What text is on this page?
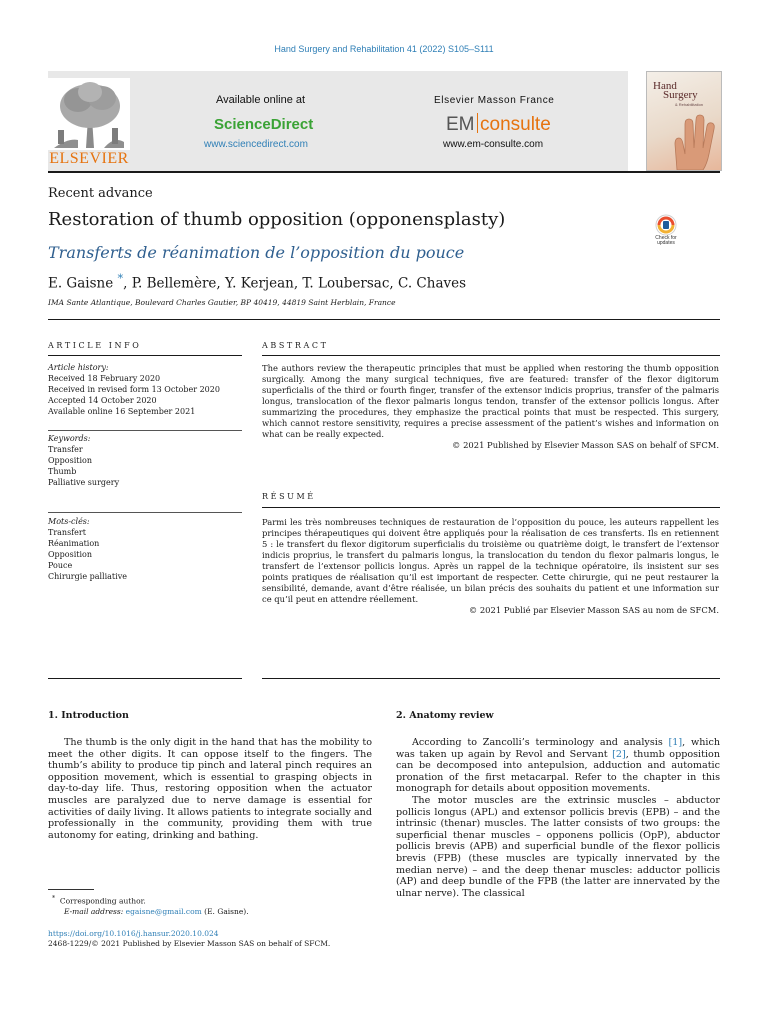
Hand Surgery and Rehabilitation 41 (2022) S105–S111
ELSEVIER
Available online at
ScienceDirect
www.sciencedirect.com
Elsevier Masson France
EM consulte
www.em-consulte.com
Hand
Surgery
& Rehabilitation
Recent advance
Restoration of thumb opposition (opponensplasty)
Transferts de réanimation de l’opposition du pouce
E. Gaisne *, P. Bellemère, Y. Kerjean, T. Loubersac, C. Chaves
IMA Sante Atlantique, Boulevard Charles Gautier, BP 40419, 44819 Saint Herblain, France
Check for updates
ARTICLE INFO	ABSTRACT
Article history:
Received 18 February 2020
Received in revised form 13 October 2020
Accepted 14 October 2020
Available online 16 September 2021
Keywords:
Transfer
Opposition
Thumb
Palliative surgery
Mots-clés:
Transfert
Réanimation
Opposition
Pouce
Chirurgie palliative
The authors review the therapeutic principles that must be applied when restoring the thumb opposition surgically. Among the many surgical techniques, five are featured: transfer of the flexor digitorum superficialis of the third or fourth finger, transfer of the extensor indicis proprius, transfer of the palmaris longus, translocation of the flexor palmaris longus tendon, transfer of the extensor pollicis longus. After summarizing the procedures, they emphasize the practical points that must be respected. This surgery, which cannot restore sensitivity, requires a precise assessment of the patient’s wishes and information on what can be really expected.
© 2021 Published by Elsevier Masson SAS on behalf of SFCM.
RÉSUMÉ
Parmi les très nombreuses techniques de restauration de l’opposition du pouce, les auteurs rappellent les principes thérapeutiques qui doivent être appliqués pour la réalisation de ces transferts. Ils en retiennent 5 : le transfert du flexor digitorum superficialis du troisième ou quatrième doigt, le transfert de l’extensor indicis proprius, le transfert du palmaris longus, la translocation du tendon du flexor palmaris longus, le transfert de l’extensor pollicis longus. Après un rappel de la technique opératoire, ils insistent sur ses points pratiques de réalisation qu’il est important de respecter. Cette chirurgie, qui ne peut restaurer la sensibilité, demande, avant d’être réalisée, un bilan précis des souhaits du patient et une information sur ce qu’il peut en attendre réellement.
© 2021 Publié par Elsevier Masson SAS au nom de SFCM.
1. Introduction

The thumb is the only digit in the hand that has the mobility to meet the other digits. It can oppose itself to the fingers. The thumb’s ability to produce tip pinch and lateral pinch requires an opposition movement, which is essential to grasping objects in day-to-day life. Thus, restoring opposition when the actuator muscles are paralyzed due to nerve damage is essential for activities of daily living. It allows patients to integrate socially and professionally in the community, providing them with true autonomy for eating, drinking and bathing.

2. Anatomy review

According to Zancolli’s terminology and analysis [1], which was taken up again by Revol and Servant [2], thumb opposition can be decomposed into antepulsion, adduction and automatic pronation of the first metacarpal. Refer to the chapter in this monograph for details about opposition movements.

The motor muscles are the extrinsic muscles – abductor pollicis longus (APL) and extensor pollicis brevis (EPB) – and the intrinsic (thenar) muscles. The latter consists of two groups: the superficial thenar muscles – opponens pollicis (OpP), abductor pollicis brevis (APB) and superficial bundle of the flexor pollicis brevis (FPB) (these muscles are typically innervated by the median nerve) – and the deep thenar muscles: adductor pollicis (AP) and deep bundle of the FPB (the latter are innervated by the ulnar nerve). The classical

* Corresponding author.
E-mail address: egaisne@gmail.com (E. Gaisne).
https://doi.org/10.1016/j.hansur.2020.10.024
2468-1229/© 2021 Published by Elsevier Masson SAS on behalf of SFCM.
